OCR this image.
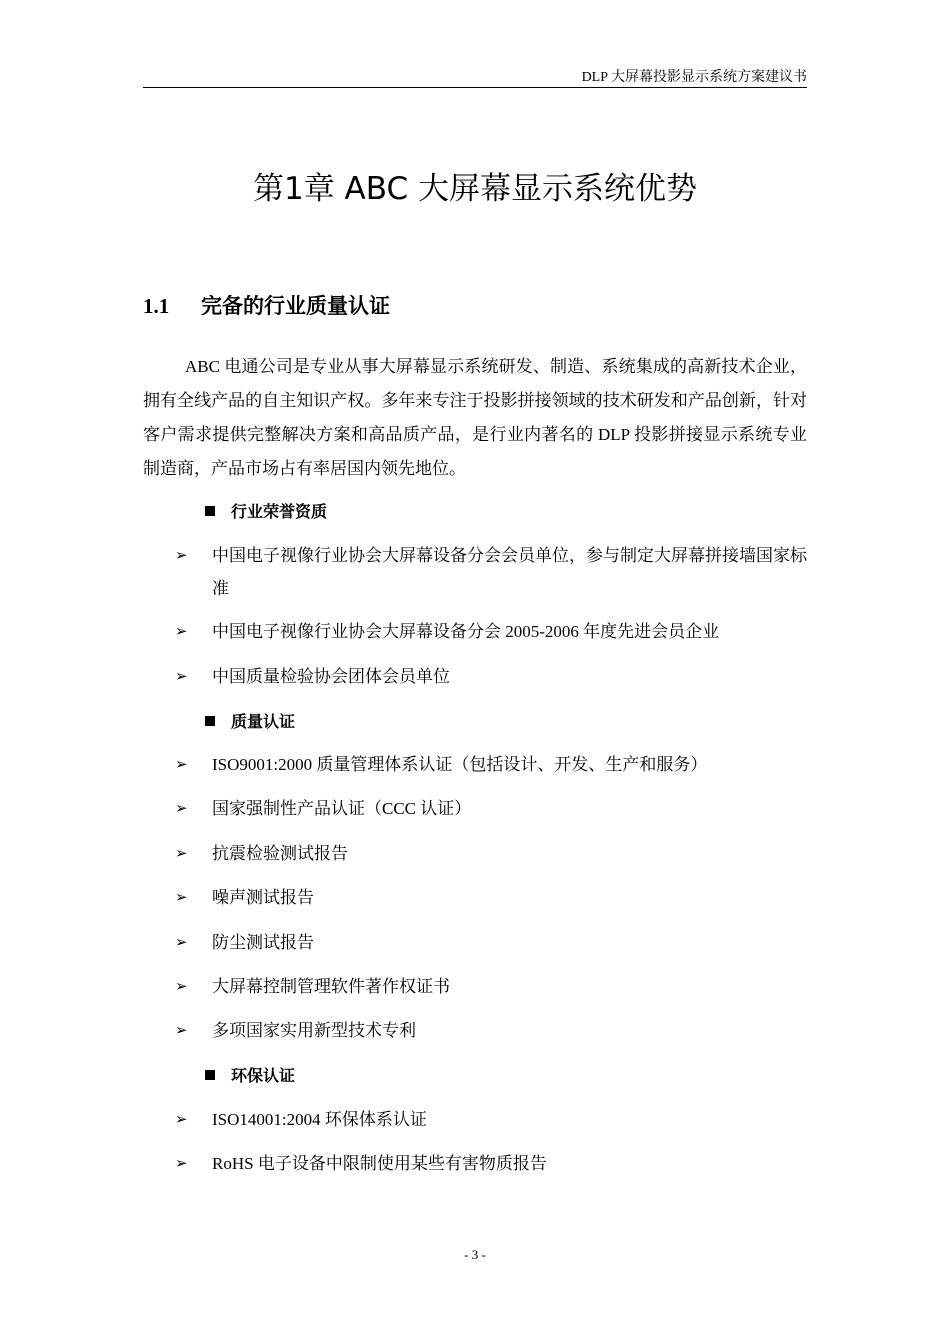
DLP 大屏幕投影显示系统方案建议书
第1章 ABC 大屏幕显示系统优势
1.1 完备的行业质量认证

ABC 电通公司是专业从事大屏幕显示系统研发、制造、系统集成的高新技术企业，拥有全线产品的自主知识产权。多年来专注于投影拼接领域的技术研发和产品创新，针对客户需求提供完整解决方案和高品质产品，是行业内著名的 DLP 投影拼接显示系统专业制造商，产品市场占有率居国内领先地位。

行业荣誉资质
➢	中国电子视像行业协会大屏幕设备分会会员单位，参与制定大屏幕拼接墙国家标准
➢	中国电子视像行业协会大屏幕设备分会 2005-2006 年度先进会员企业
➢	中国质量检验协会团体会员单位
质量认证
➢	ISO9001:2000 质量管理体系认证（包括设计、开发、生产和服务）
➢	国家强制性产品认证（CCC 认证）
➢	抗震检验测试报告
➢	噪声测试报告
➢	防尘测试报告
➢	大屏幕控制管理软件著作权证书
➢	多项国家实用新型技术专利
环保认证
➢	ISO14001:2004 环保体系认证
➢	RoHS 电子设备中限制使用某些有害物质报告
- 3 -
